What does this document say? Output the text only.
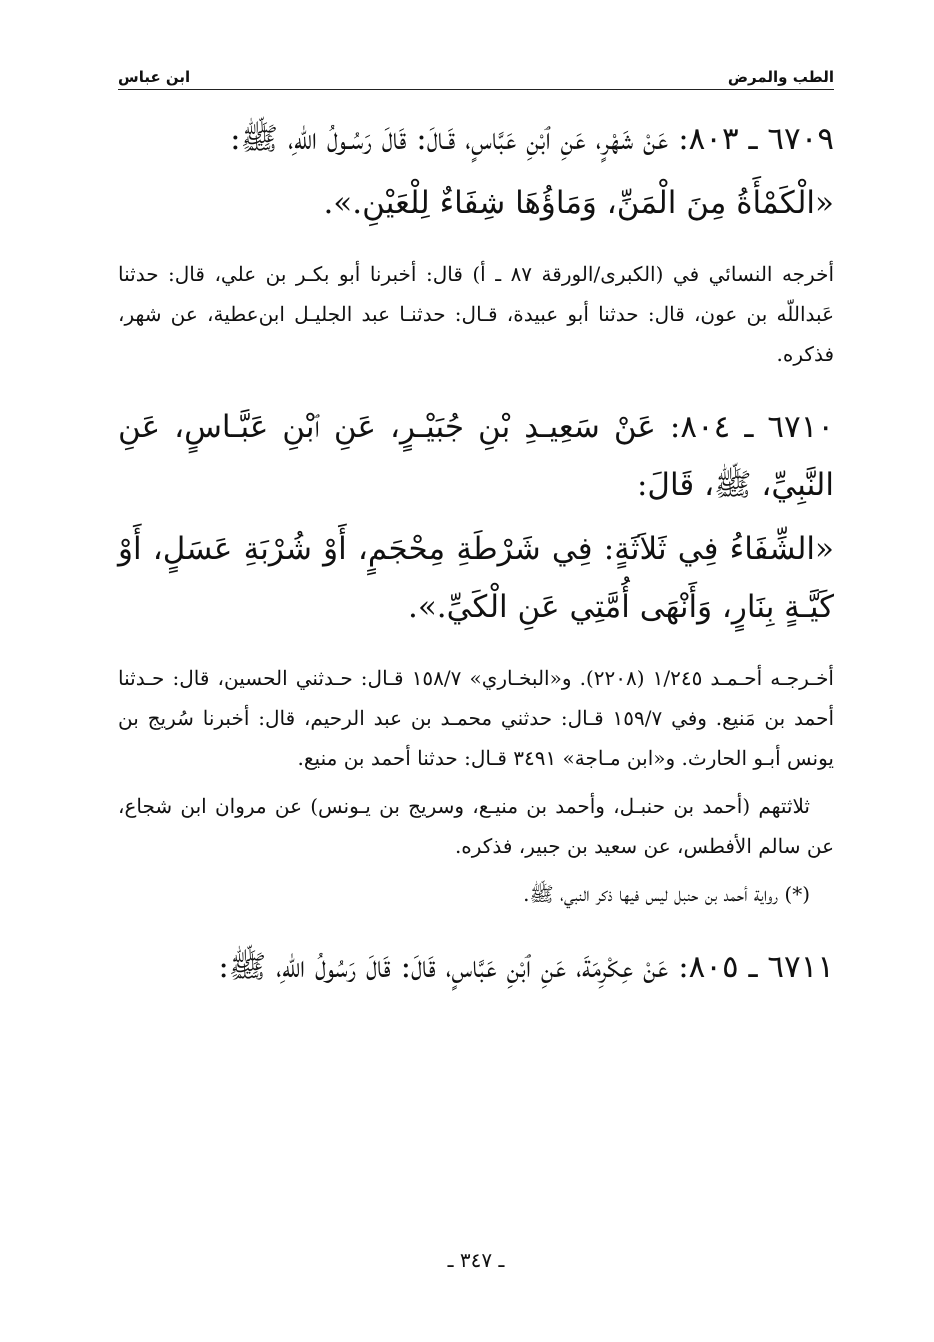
الطب والمرض
ابن عباس
٦٧٠٩ ـ ٨٠٣: عَنْ شَهْرٍ، عَنِ ٱبْنِ عَبَّاسٍ، قَـالَ: قَالَ رَسُـولُ اللّٰهِ، ﷺ:
«الْكَمْأَةُ مِنَ الْمَنِّ، وَمَاؤُهَا شِفَاءٌ لِلْعَيْنِ.».
أخرجه النسائي في (الكبرى/الورقة ٨٧ ـ أ) قال: أخبرنا أبو بكـر بن علي، قال: حدثنا عَبداللّه بن عون، قال: حدثنا أبو عبيدة، قـال: حدثنـا عبد الجليـل ابن‌عطية، عن شهر، فذكره.
٦٧١٠ ـ ٨٠٤: عَنْ سَعِيـدِ بْنِ جُبَيْـرٍ، عَنِ ٱبْنِ عَبَّـاسٍ، عَنِ النَّبِيِّ، ﷺ، قَالَ:
«الشِّفَاءُ فِي ثَلاَثَةٍ: فِي شَرْطَةِ مِحْجَمٍ، أَوْ شُرْبَةِ عَسَلٍ، أَوْ كَيَّـةٍ بِنَارٍ، وَأَنْهَى أُمَّتِي عَنِ الْكَيِّ.».
أخـرجـه أحـمـد ١/٢٤٥ (٢٢٠٨). و«البخـاري» ١٥٨/٧ قـال: حـدثني الحسين، قال: حـدثنا أحمد بن مَنيع. وفي ١٥٩/٧ قـال: حدثني محمـد بن عبد الرحيم، قال: أخبرنا سُريج بن يونس أبـو الحارث. و«ابن مـاجة» ٣٤٩١ قـال: حدثنا أحمد بن منيع.
ثلاثتهم (أحمد بن حنبـل، وأحمد بن منيـع، وسريج بن يـونس) عن مروان ابن شجاع، عن سالم الأفطس، عن سعيد بن جبير، فذكره.
(*) رواية أحمد بن حنبل ليس فيها ذكر النبي، ﷺ.
٦٧١١ ـ ٨٠٥: عَنْ عِكْرِمَةَ، عَنِ ٱبْنِ عَبَّاسٍ، قَالَ: قَالَ رَسُولُ اللّٰهِ، ﷺ:
ـ ٣٤٧ ـ
